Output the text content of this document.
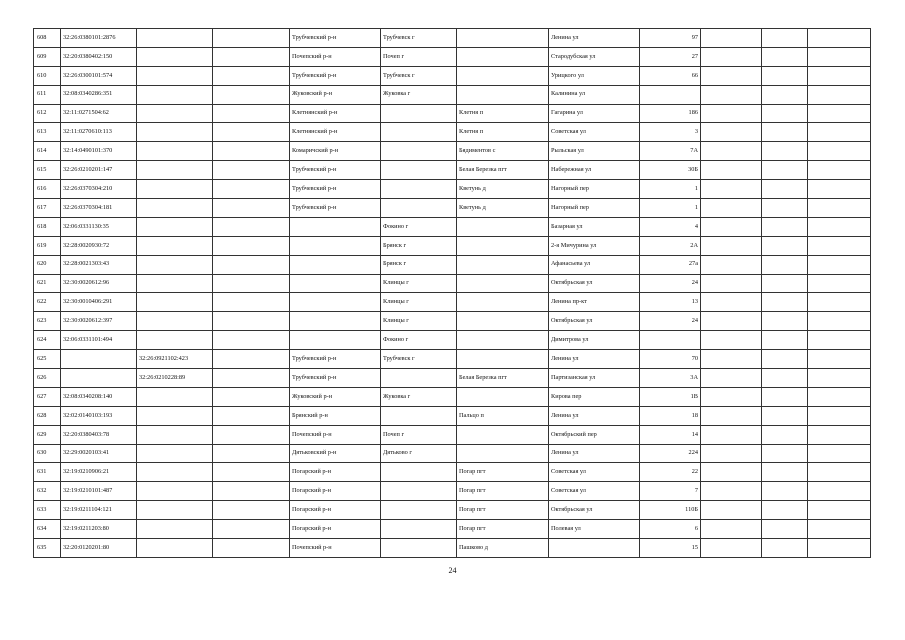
608	32:26:0380101:2876			Трубчевский р-н	Трубчевск г		Ленина ул	97			
609	32:20:0380402:150			Почепский р-н	Почеп г		Стародубская ул	27			
610	32:26:0300101:574			Трубчевский р-н	Трубчевск г		Урицкого ул	66			
611	32:08:0340286:351			Жуковский р-н	Жуковка г		Калинина ул				
612	32:11:0271504:62			Клетнянский р-н		Клетня п	Гагарина ул	186			
613	32:11:0270610:113			Клетнянский р-н		Клетня п	Советская ул	3			
614	32:14:0490101:370			Комаричский р-н		Бядиментов с	Рыльская ул	7А			
615	32:26:0210201:147			Трубчевский р-н		Белая Березка пгт	Набережная ул	30Б			
616	32:26:0370304:210			Трубчевский р-н		Кветунь д	Нагорный пер	1			
617	32:26:0370304:181			Трубчевский р-н		Кветунь д	Нагорный пер	1			
618	32:06:0331130:35				Фокино г		Базарная ул	4			
619	32:28:0020930:72				Брянск г		2-я Мичурина ул	2А			
620	32:28:0021303:43				Брянск г		Афанасьева ул	27а			
621	32:30:0020612:96				Клинцы г		Октябрьская ул	24			
622	32:30:0010406:291				Клинцы г		Ленина пр-кт	13			
623	32:30:0020612:397				Клинцы г		Октябрьская ул	24			
624	32:06:0331101:494				Фокино г		Димитрова ул				
625		32:26:0921102:423		Трубчевский р-н	Трубчевск г		Ленина ул	70			
626		32:26:0210228:89		Трубчевский р-н		Белая Березка пгт	Партизанская ул	3А			
627	32:08:0340208:140			Жуковский р-н	Жуковка г		Кирова пер	1В			
628	32:02:0140103:193			Брянский р-н		Пальцо п	Ленина ул	18			
629	32:20:0380403:78			Почепский р-н	Почеп г		Октябрьский пер	14			
630	32:29:0020103:41			Дятьковский р-н	Дятьково г		Ленина ул	224			
631	32:19:0210906:21			Погарский р-н		Погар пгт	Советская ул	22			
632	32:19:0210101:487			Погарский р-н		Погар пгт	Советская ул	7			
633	32:19:0211104:121			Погарский р-н		Погар пгт	Октябрьская ул	110Б			
634	32:19:0211203:80			Погарский р-н		Погар пгт	Полевая ул	6			
635	32:20:0120201:80			Почепский р-н		Пашково д		15			
24
